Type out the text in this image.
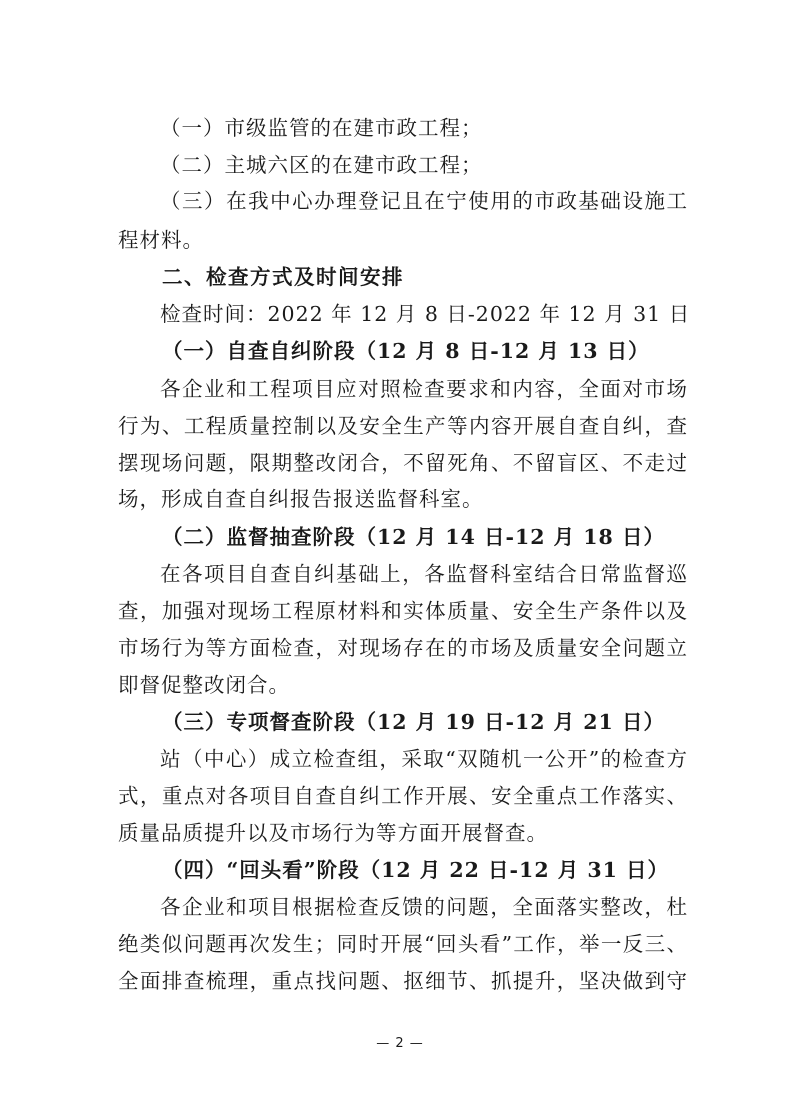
（一）市级监管的在建市政工程；
（二）主城六区的在建市政工程；
（三）在我中心办理登记且在宁使用的市政基础设施工
程材料。
二、检查方式及时间安排
检查时间：2022 年 12 月 8 日-2022 年 12 月 31 日
（一）自查自纠阶段（12 月 8 日-12 月 13 日）
各企业和工程项目应对照检查要求和内容，全面对市场
行为、工程质量控制以及安全生产等内容开展自查自纠，查
摆现场问题，限期整改闭合，不留死角、不留盲区、不走过
场，形成自查自纠报告报送监督科室。
（二）监督抽查阶段（12 月 14 日-12 月 18 日）
在各项目自查自纠基础上，各监督科室结合日常监督巡
查，加强对现场工程原材料和实体质量、安全生产条件以及
市场行为等方面检查，对现场存在的市场及质量安全问题立
即督促整改闭合。
（三）专项督查阶段（12 月 19 日-12 月 21 日）
站（中心）成立检查组，采取“双随机一公开”的检查方
式，重点对各项目自查自纠工作开展、安全重点工作落实、
质量品质提升以及市场行为等方面开展督查。
（四）“回头看”阶段（12 月 22 日-12 月 31 日）
各企业和项目根据检查反馈的问题，全面落实整改，杜
绝类似问题再次发生；同时开展“回头看”工作，举一反三、
全面排查梳理，重点找问题、抠细节、抓提升，坚决做到守
— 2 —
